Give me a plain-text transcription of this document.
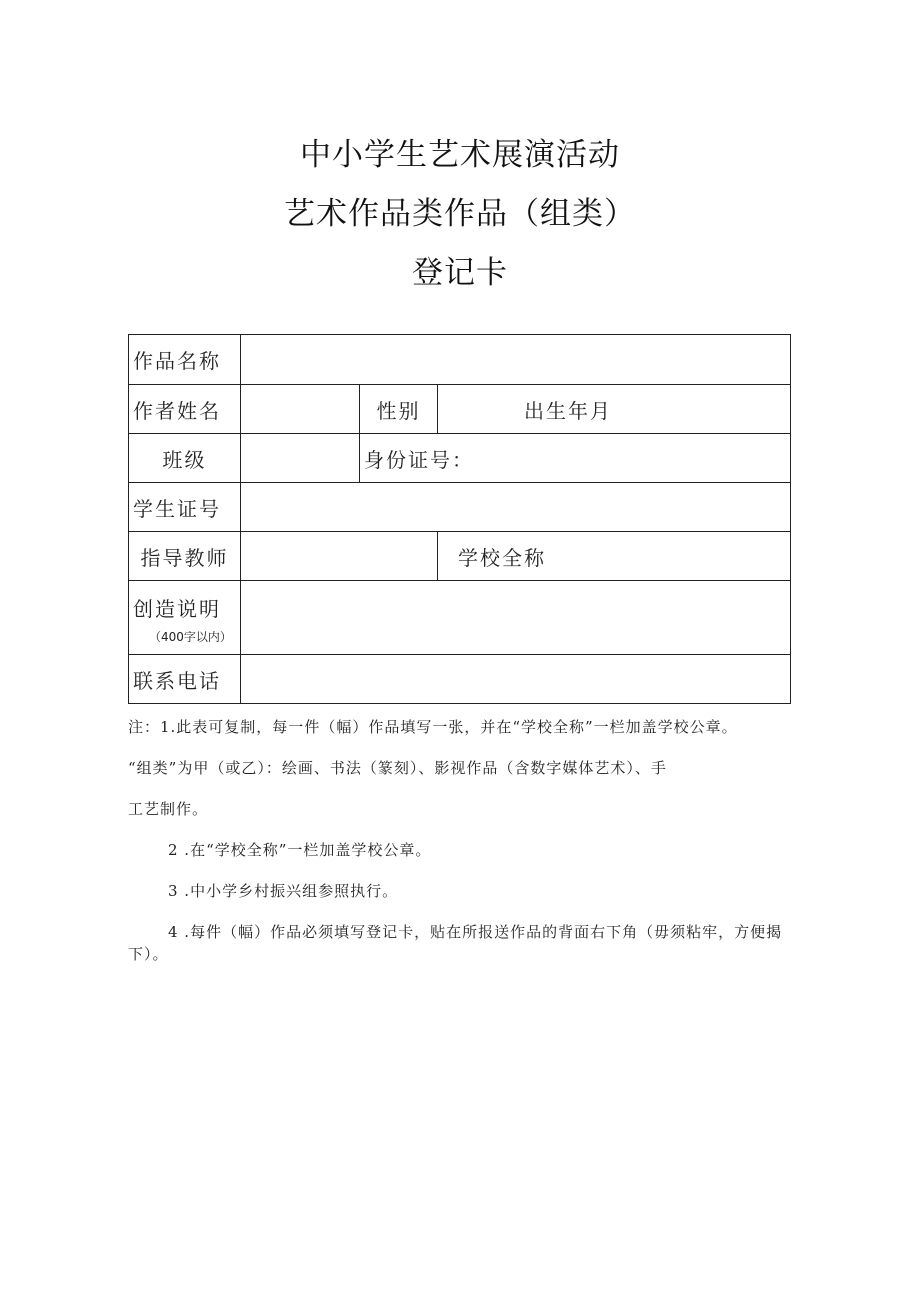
中小学生艺术展演活动
艺术作品类作品（组类）
登记卡
作品名称			
作者姓名		性别	出生年月
班级		身份证号：	
学生证号			
指导教师			学校全称
创造说明
（400字以内）			

联系电话			

注：1.此表可复制，每一件（幅）作品填写一张，并在“学校全称”一栏加盖学校公章。

“组类”为甲（或乙）：绘画、书法（篆刻）、影视作品（含数字媒体艺术）、手

工艺制作。

2 .在“学校全称”一栏加盖学校公章。

3 .中小学乡村振兴组参照执行。

4 .每件（幅）作品必须填写登记卡，贴在所报送作品的背面右下角（毋须粘牢，方便揭下）。
